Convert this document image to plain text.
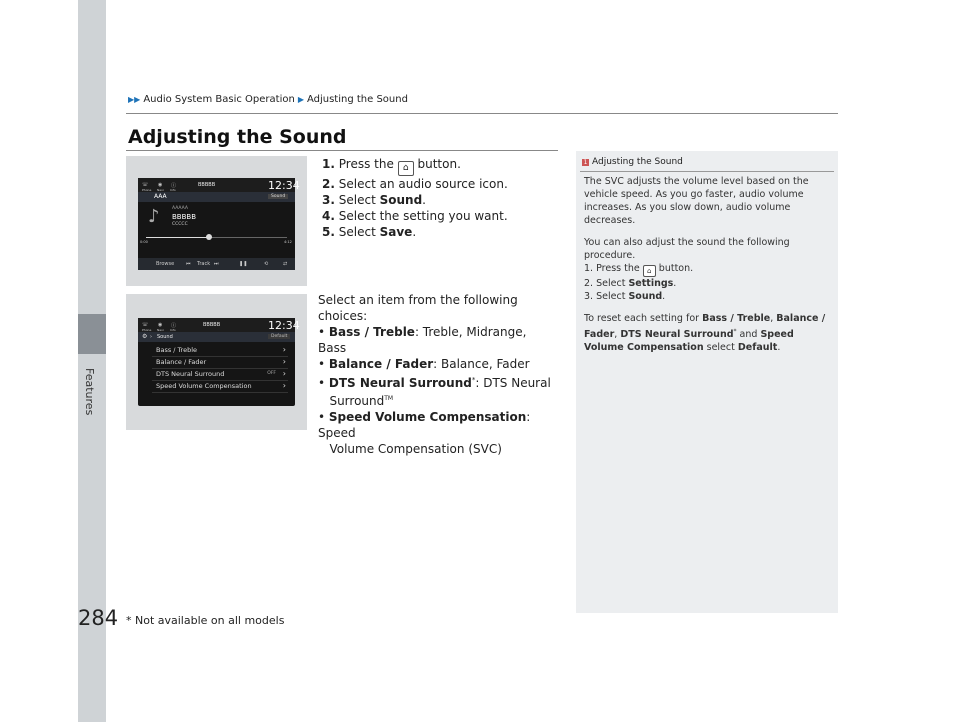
Features
▶▶ Audio System Basic Operation ▶ Adjusting the Sound
Adjusting the Sound
☏ ◉ ⓘ
Phone Navi Info
BBBBB	12:34
AAA	Sound
♪	AAAAA
BBBBB
CCCCC
0:00	4:12
Browse ⏮ Track ⏭	❚❚	⟲	⇄
☏ ◉ ⓘ
Phone Navi Info
BBBBB	12:34
⚙ › Sound	Default
Bass / Treble	›
Balance / Fader	›
DTS Neural Surround	OFF ›
Speed Volume Compensation	›
1. Press the ⌂ button.
2. Select an audio source icon.
3. Select Sound.
4. Select the setting you want.
5. Select Save.
Select an item from the following choices:
• Bass / Treble: Treble, Midrange, Bass
• Balance / Fader: Balance, Fader
• DTS Neural Surround*: DTS Neural
Surround™
• Speed Volume Compensation: Speed
Volume Compensation (SVC)
1 Adjusting the Sound

The SVC adjusts the volume level based on the vehicle speed. As you go faster, audio volume increases. As you slow down, audio volume decreases.

You can also adjust the sound the following procedure.

1. Press the ⌂ button.
2. Select Settings.
3. Select Sound.
To reset each setting for Bass / Treble, Balance / Fader, DTS Neural Surround* and Speed Volume Compensation select Default.
284 * Not available on all models
